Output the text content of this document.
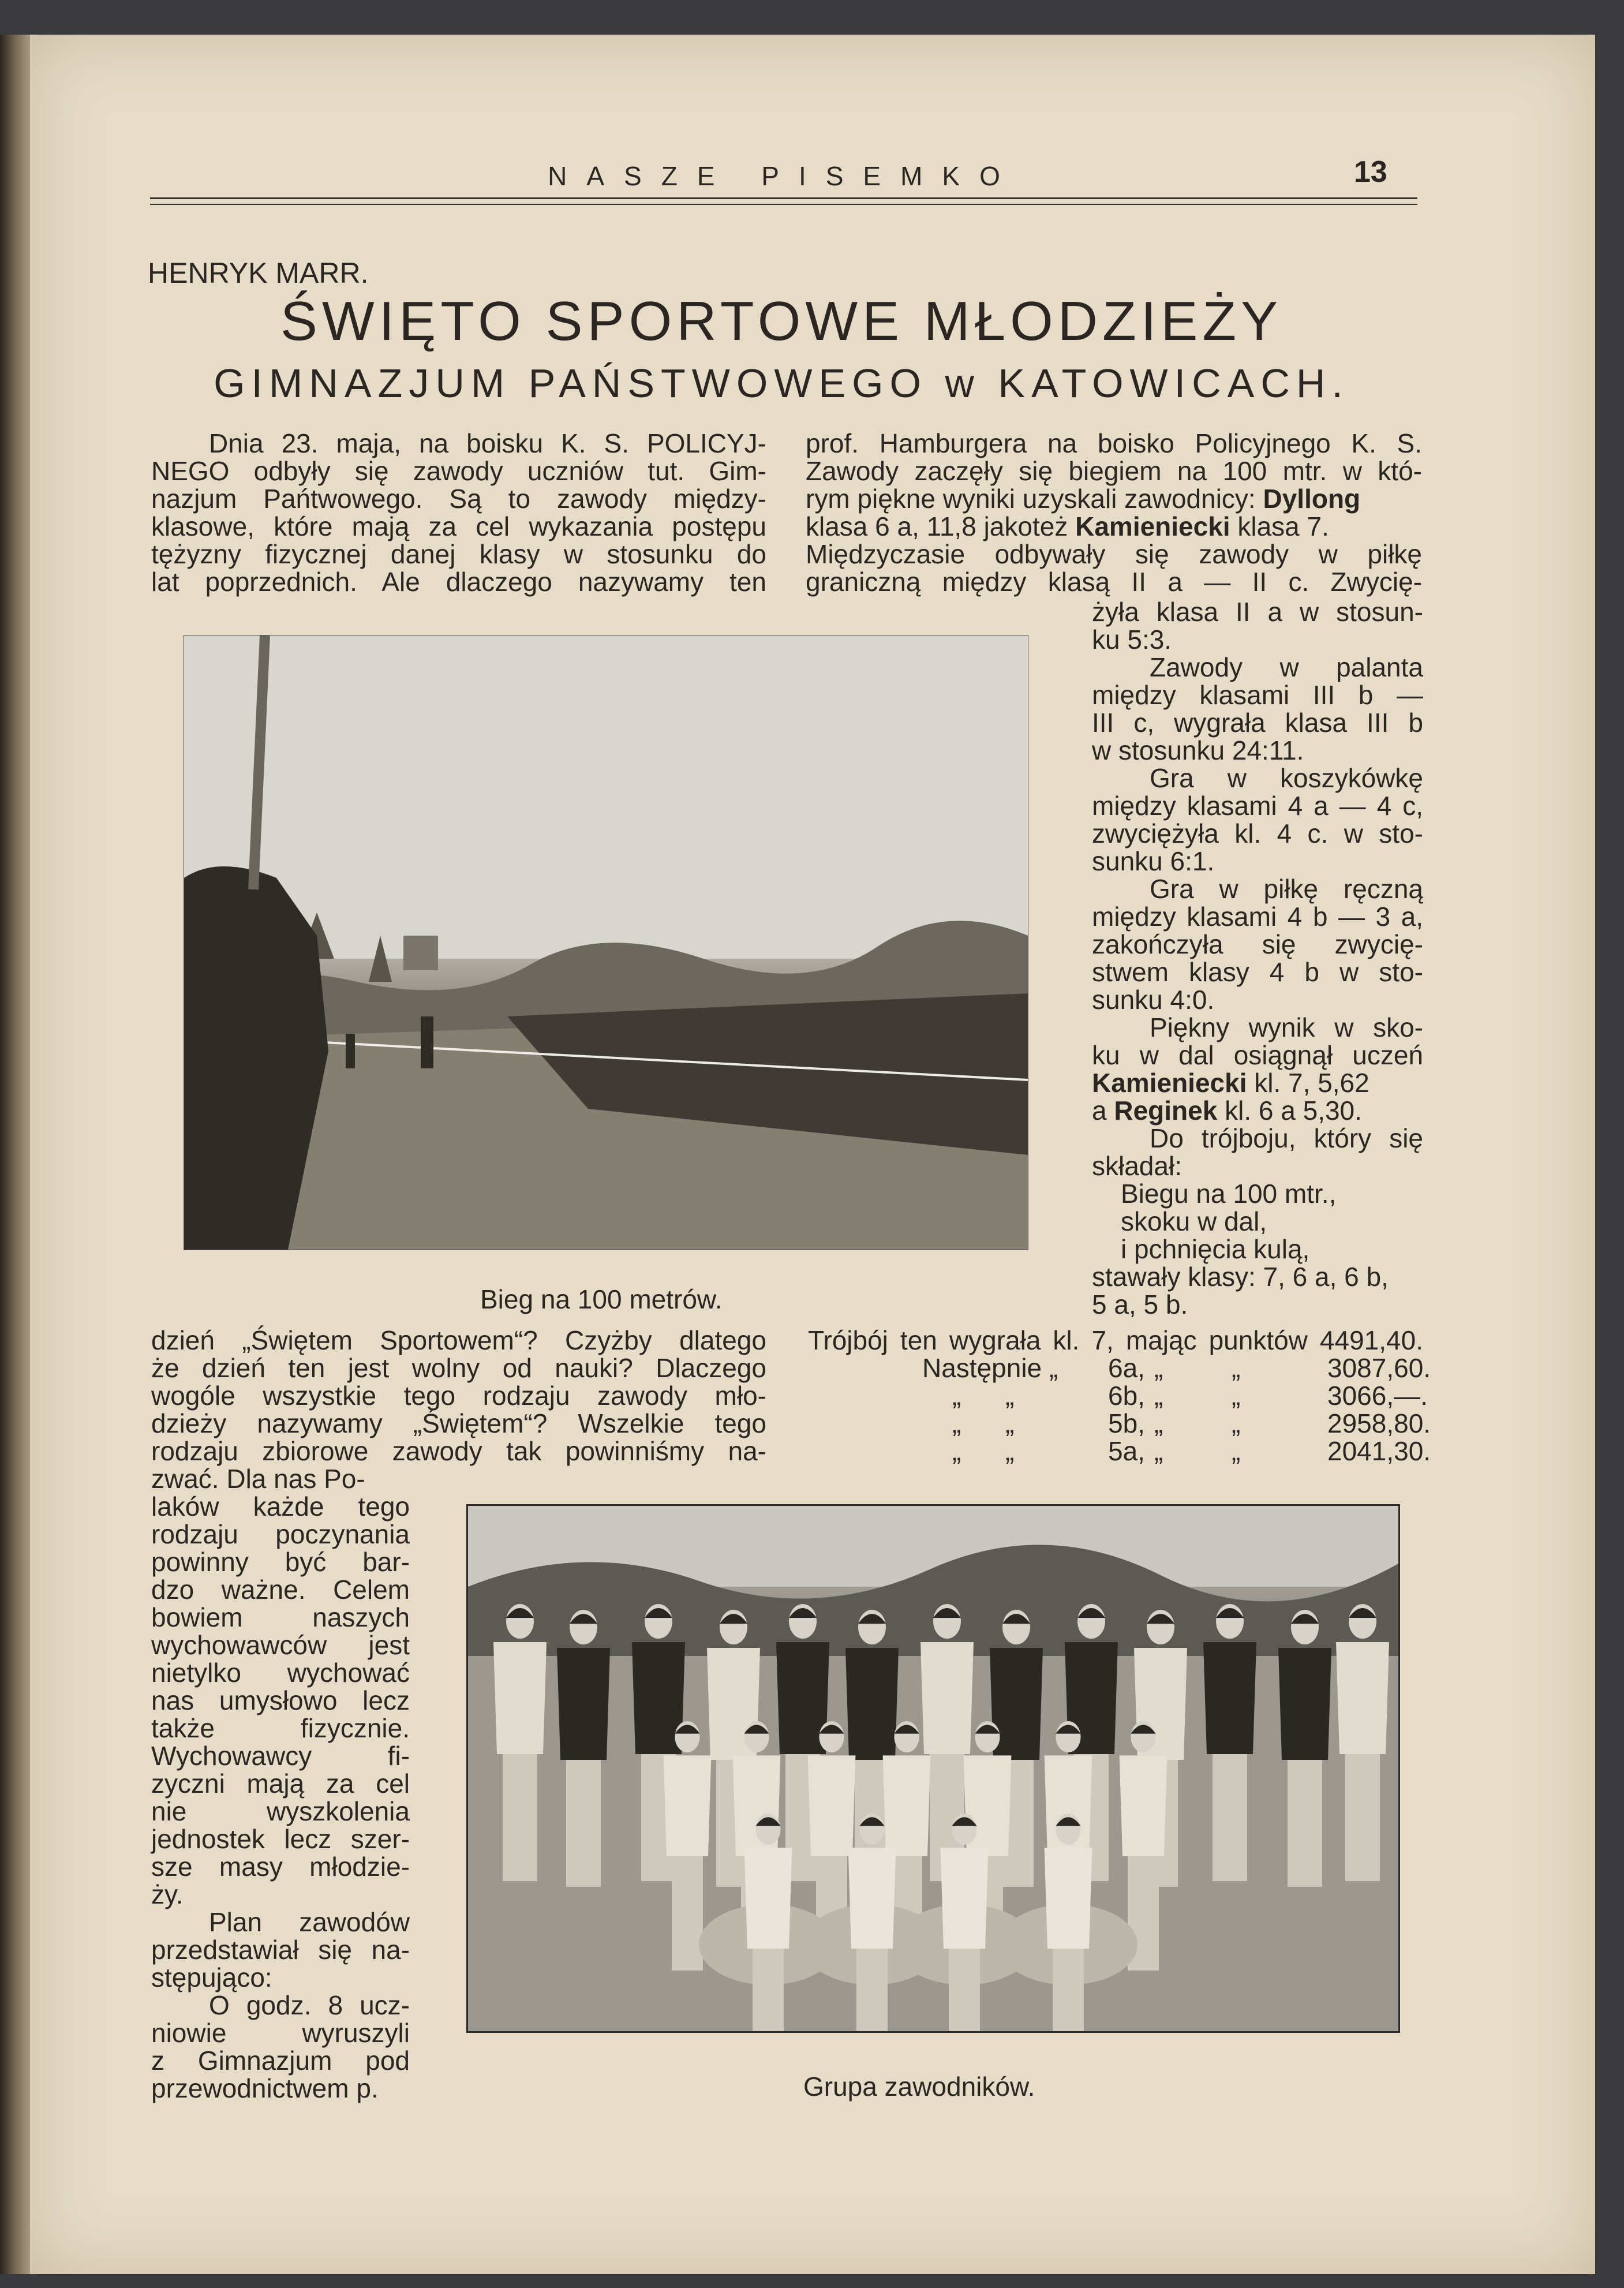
NASZE PISEMKO	13
HENRYK MARR.
ŚWIĘTO SPORTOWE MŁODZIEŻY
GIMNAZJUM PAŃSTWOWEGO w KATOWICACH.
Dnia 23. maja, na boisku K. S. POLICYJ-
NEGO odbyły się zawody uczniów tut. Gim-
nazjum Pańtwowego. Są to zawody między-
klasowe, które mają za cel wykazania postępu
tężyzny fizycznej danej klasy w stosunku do
lat poprzednich. Ale dlaczego nazywamy ten
prof. Hamburgera na boisko Policyjnego K. S.
Zawody zaczęły się biegiem na 100 mtr. w któ-
rym piękne wyniki uzyskali zawodnicy: Dyllong
klasa 6 a, 11,8 jakoteż Kamieniecki klasa 7.
Międzyczasie odbywały się zawody w piłkę
graniczną między klasą II a — II c. Zwycię-
żyła klasa II a w stosun-
ku 5:3.
Zawody w palanta
między klasami III b —
III c, wygrała klasa III b
w stosunku 24:11.
Gra w koszykówkę
między klasami 4 a — 4 c,
zwyciężyła kl. 4 c. w sto-
sunku 6:1.
Gra w piłkę ręczną
między klasami 4 b — 3 a,
zakończyła się zwycię-
stwem klasy 4 b w sto-
sunku 4:0.
Piękny wynik w sko-
ku w dal osiągnął uczeń
Kamieniecki kl. 7, 5,62
a Reginek kl. 6 a 5,30.
Do trójboju, który się
składał:
Biegu na 100 mtr.,
skoku w dal,
i pchnięcia kulą,
stawały klasy: 7, 6 a, 6 b,
5 a, 5 b.
Bieg na 100 metrów.
dzień „Świętem Sportowem“? Czyżby dlatego
że dzień ten jest wolny od nauki? Dlaczego
wogóle wszystkie tego rodzaju zawody mło-
dzieży nazywamy „Świętem“? Wszelkie tego
rodzaju zbiorowe zawody tak powinniśmy na-
zwać. Dla nas Po-
laków każde tego
rodzaju poczynania
powinny być bar-
dzo ważne. Celem
bowiem naszych
wychowawców jest
nietylko wychować
nas umysłowo lecz
także fizycznie.
Wychowawcy fi-
zyczni mają za cel
nie wyszkolenia
jednostek lecz szer-
sze masy młodzie-
ży.
Plan zawodów
przedstawiał się na-
stępująco:
O godz. 8 ucz-
niowie wyruszyli
z Gimnazjum pod
przewodnictwem p.
Trójbój ten wygrała kl. 7, mając punktów 4491,40.
Następnie „ 6a, „	„	3087,60.
„      „	6b, „	„	3066,—.
„      „	5b, „	„	2958,80.
„      „	5a, „	„	2041,30.
Grupa zawodników.
